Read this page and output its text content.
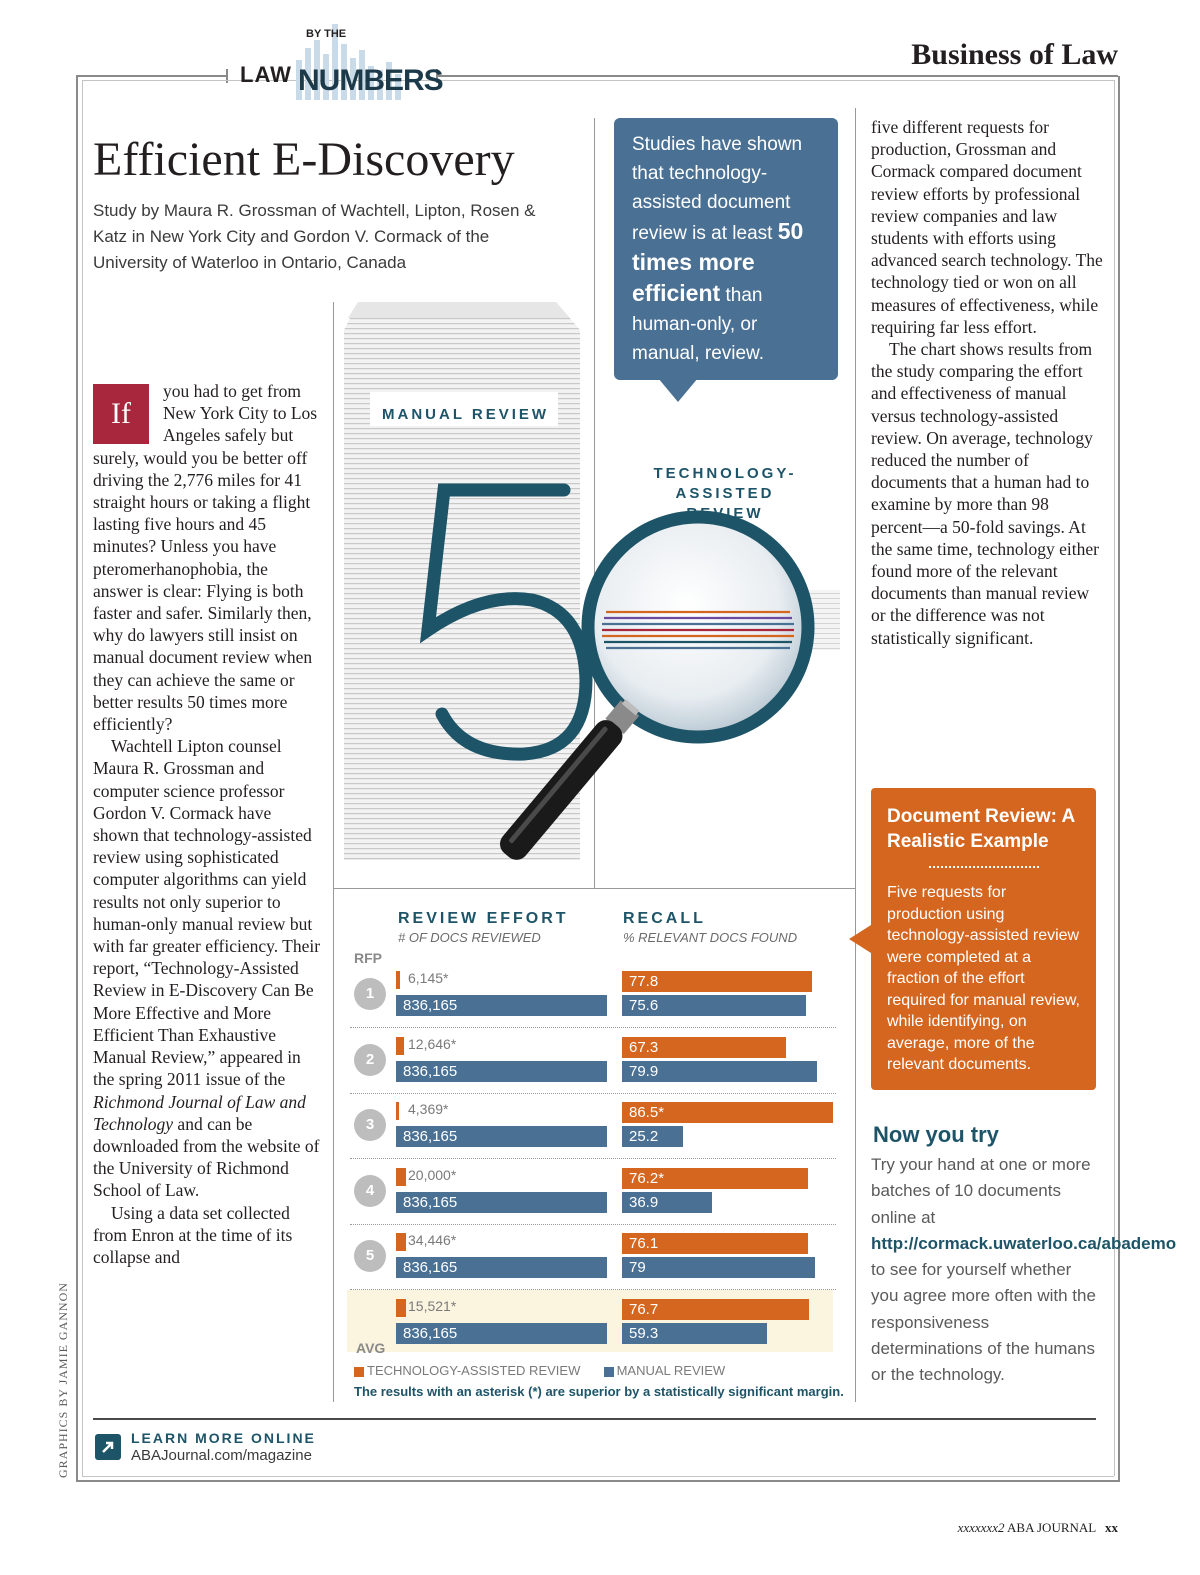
Business of Law
LAW
BY THE
NUMBERS
Efficient E-Discovery
Study by Maura R. Grossman of Wachtell, Lipton, Rosen & Katz in New York City and Gordon V. Cormack of the University of Waterloo in Ontario, Canada
If

you had to get from New York City to Los Angeles safely but surely, would you be better off driving the 2,776 miles for 41 straight hours or taking a flight lasting five hours and 45 minutes? Unless you have pteromerhanophobia, the answer is clear: Flying is both faster and safer. Similarly then, why do lawyers still insist on manual document review when they can achieve the same or better results 50 times more efficiently?

Wachtell Lipton counsel Maura R. Grossman and computer science professor Gordon V. Cormack have shown that technology-assisted review using sophisticated computer algorithms can yield results not only superior to human-only manual review but with far greater efficiency. Their report, “Technology-Assisted Review in E-Discovery Can Be More Effective and More Efficient Than Exhaustive Manual Review,” appeared in the spring 2011 issue of the Richmond Journal of Law and Technology and can be downloaded from the website of the University of Richmond School of Law.

Using a data set collected from Enron at the time of its collapse and

MANUAL REVIEW
TECHNOLOGY-ASSISTED REVIEW
Studies have shown that technology-assisted document review is at least 50 times more efficient than human-only, or manual, review.
REVIEW EFFORT
# OF DOCS REVIEWED
RECALL
% RELEVANT DOCS FOUND
RFP
1
6,145*
836,165
77.8
75.6
2
12,646*
836,165
67.3
79.9
3
4,369*
836,165
86.5*
25.2
4
20,000*
836,165
76.2*
36.9
5
34,446*
836,165
76.1
79
AVG
15,521*
836,165
76.7
59.3
TECHNOLOGY-ASSISTED REVIEW	MANUAL REVIEW
The results with an asterisk (*) are superior by a statistically significant margin.

five different requests for production, Grossman and Cormack compared document review efforts by professional review companies and law students with efforts using advanced search technology. The technology tied or won on all measures of effectiveness, while requiring far less effort.

The chart shows results from the study comparing the effort and effectiveness of manual versus technology-assisted review. On average, technology reduced the number of documents that a human had to examine by more than 98 percent—a 50-fold savings. At the same time, technology either found more of the relevant documents than manual review or the difference was not statistically significant.

Document Review: A Realistic Example
Five requests for production using technology-assisted review were completed at a fraction of the effort required for manual review, while identifying, on average, more of the relevant documents.
Now you try
Try your hand at one or more batches of 10 documents online at http://cormack.uwaterloo.ca/abademo to see for yourself whether you agree more often with the responsiveness determinations of the humans or the technology.
LEARN MORE ONLINE
ABAJournal.com/magazine
GRAPHICS BY JAMIE GANNON
xxxxxxx2 ABA JOURNAL xx
